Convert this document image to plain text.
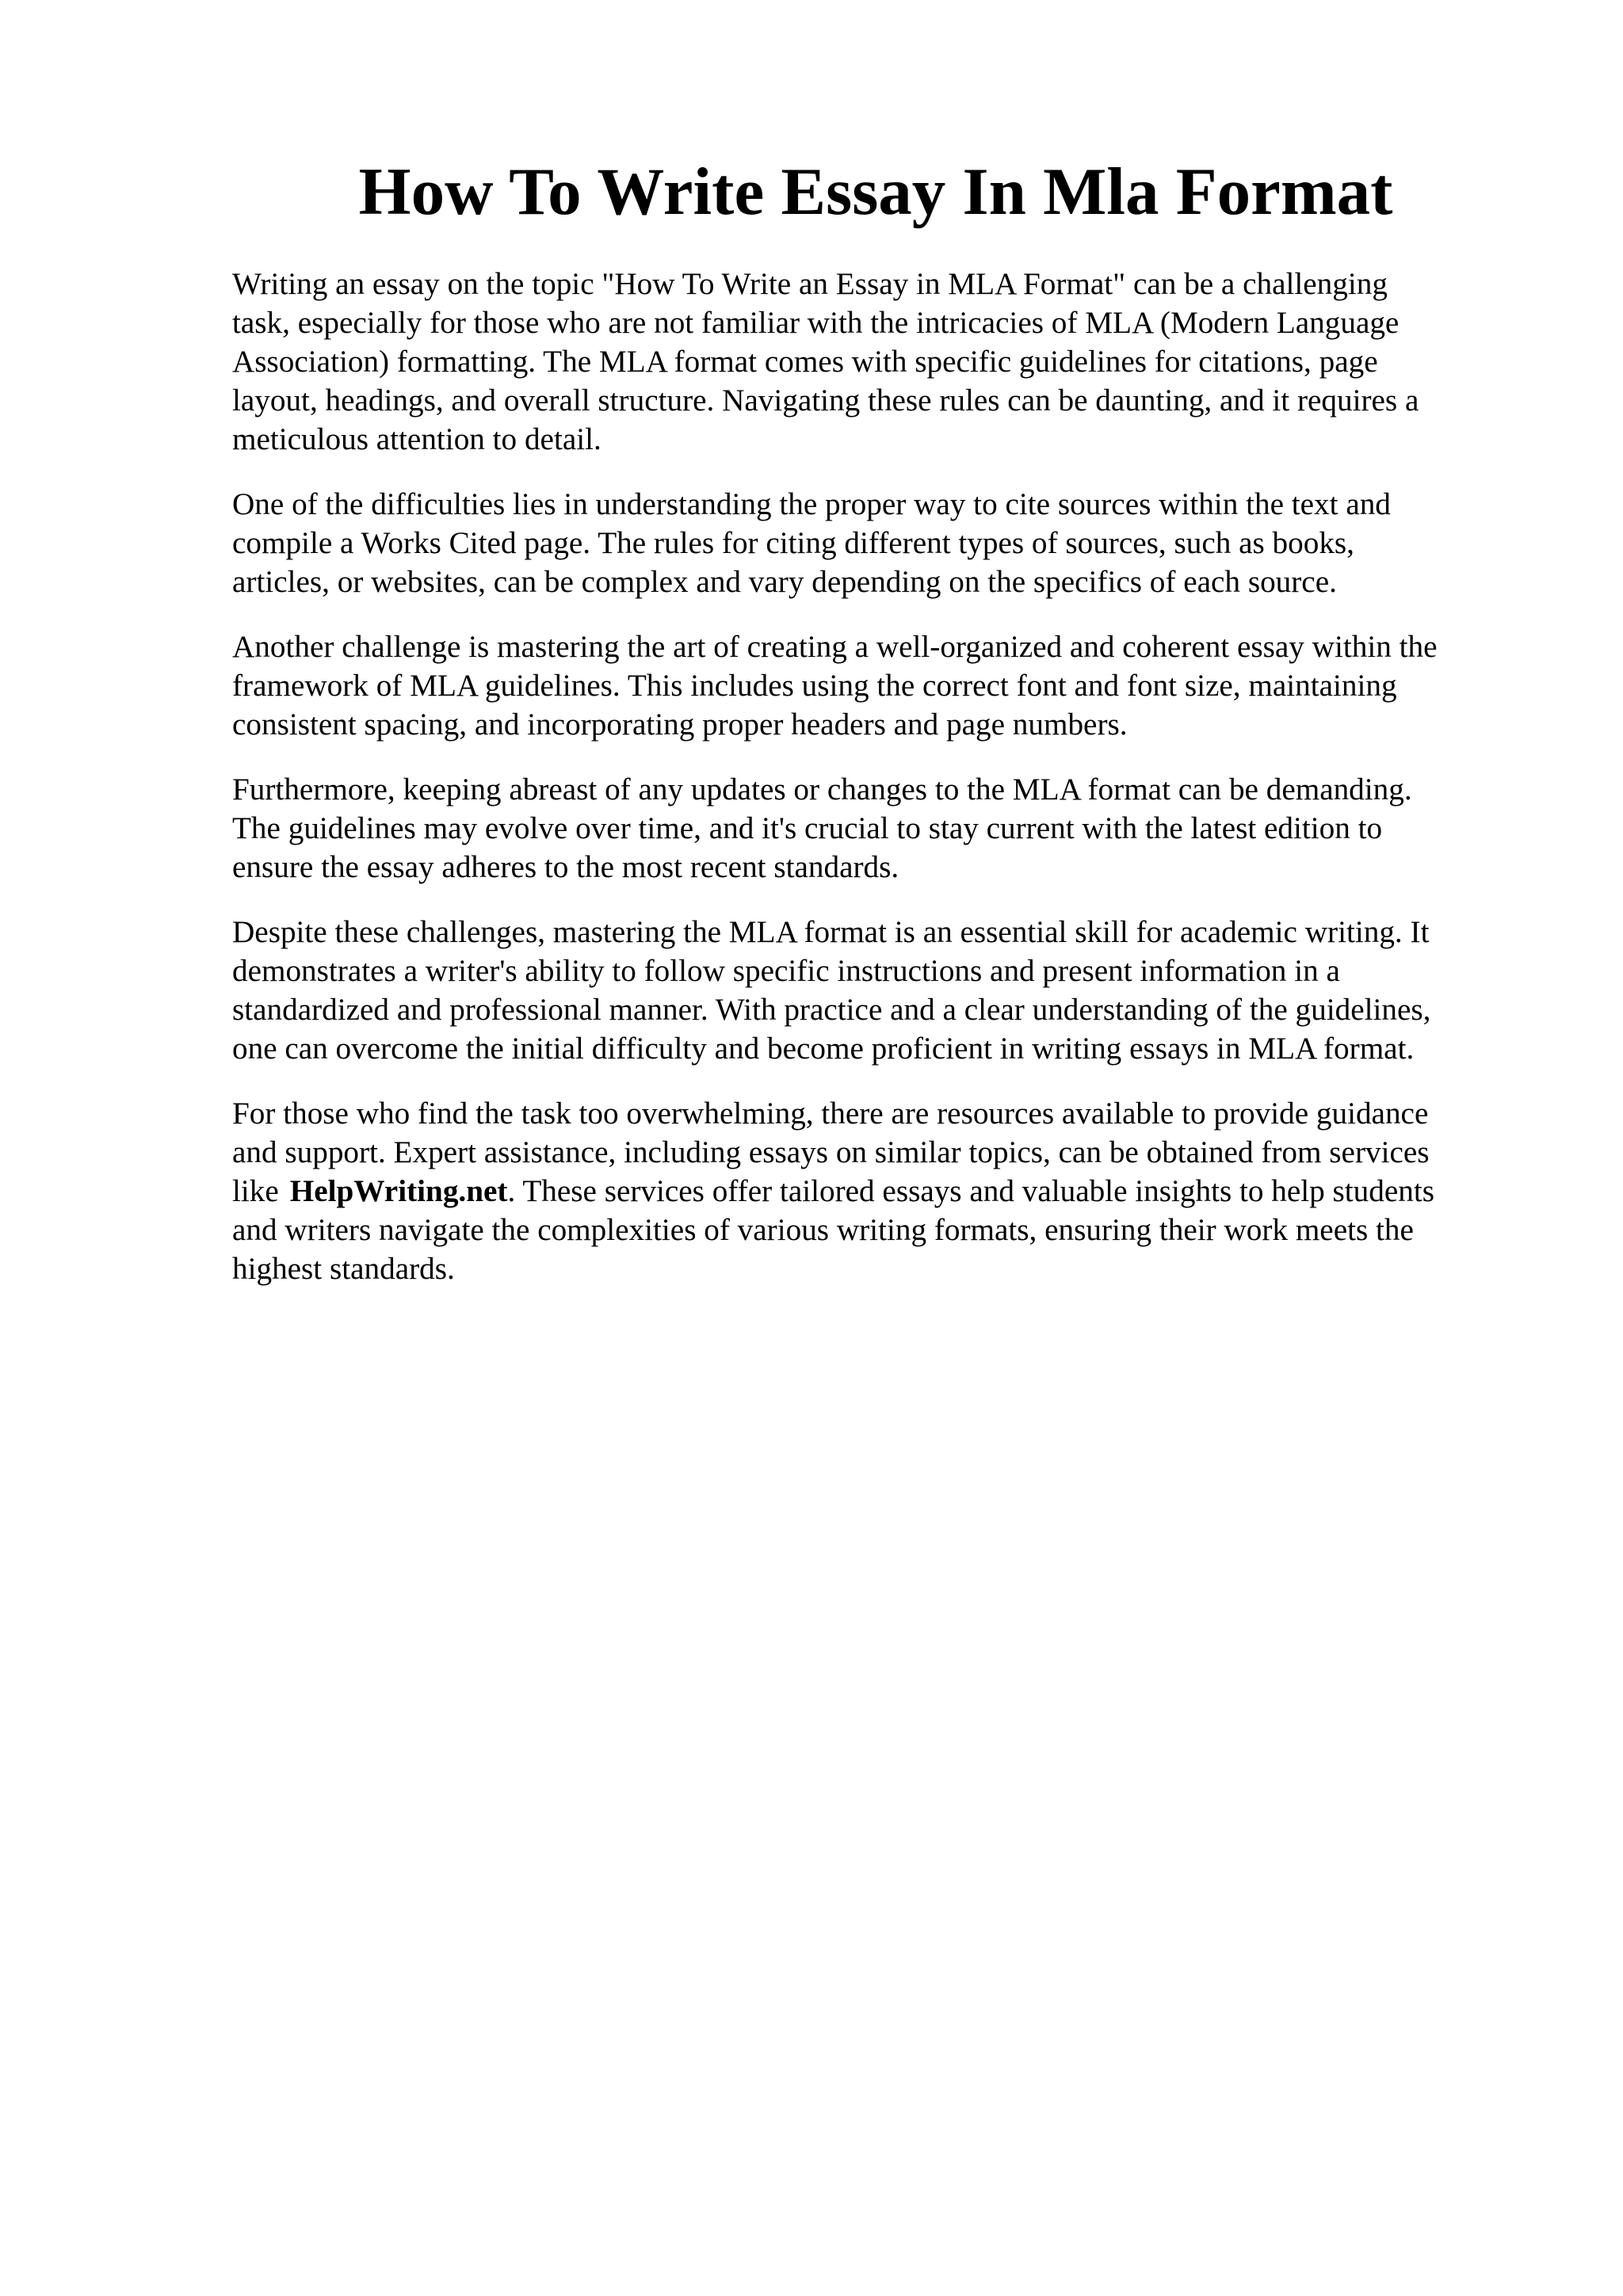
How To Write Essay In Mla Format

Writing an essay on the topic "How To Write an Essay in MLA Format" can be a challenging
task, especially for those who are not familiar with the intricacies of MLA (Modern Language
Association) formatting. The MLA format comes with specific guidelines for citations, page
layout, headings, and overall structure. Navigating these rules can be daunting, and it requires a
meticulous attention to detail.

One of the difficulties lies in understanding the proper way to cite sources within the text and
compile a Works Cited page. The rules for citing different types of sources, such as books,
articles, or websites, can be complex and vary depending on the specifics of each source.

Another challenge is mastering the art of creating a well-organized and coherent essay within the
framework of MLA guidelines. This includes using the correct font and font size, maintaining
consistent spacing, and incorporating proper headers and page numbers.

Furthermore, keeping abreast of any updates or changes to the MLA format can be demanding.
The guidelines may evolve over time, and it's crucial to stay current with the latest edition to
ensure the essay adheres to the most recent standards.

Despite these challenges, mastering the MLA format is an essential skill for academic writing. It
demonstrates a writer's ability to follow specific instructions and present information in a
standardized and professional manner. With practice and a clear understanding of the guidelines,
one can overcome the initial difficulty and become proficient in writing essays in MLA format.

For those who find the task too overwhelming, there are resources available to provide guidance
and support. Expert assistance, including essays on similar topics, can be obtained from services
like HelpWriting.net. These services offer tailored essays and valuable insights to help students
and writers navigate the complexities of various writing formats, ensuring their work meets the
highest standards.
